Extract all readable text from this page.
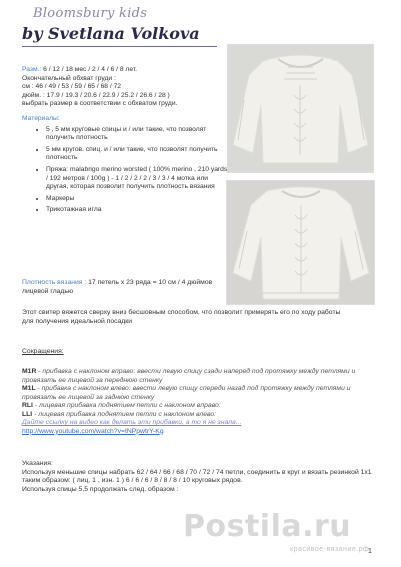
Bloomsbury kids
by Svetlana Volkova

Разм.: 6 / 12 / 18 мес / 2 / 4 / 6 / 8 лет.
Окончательный обхват груди :
см : 46 / 49 / 53 / 59 / 65 / 68 / 72
дюйм. : 17.9 / 19.3 / 20.6 / 22.9 / 25.2 / 26.6 / 28 )
выбрать размер в соответствии с обхватом груди.

Материалы:

• 5 , 5 мм круговые спицы и / или такие, что позволят получить плотность
• 5 мм кругов. спиц. и / или такие, что позволят получить плотность
• Пряжа: malabrigo merino worsted ( 100% merino , 210 yards / 192 метров / 100g ) - 1 / 2 / 2 / 2 / 3 / 3 / 4 мотка или другая, которая позволит получить плотность вязания
• Маркеры
• Трикотажная игла
Плотность вязания : 17 петель х 23 ряда = 10 см / 4 дюймов лицевой гладью
Этот свитер вяжется сверху вниз бесшовным способом, что позволит примерять его по ходу работы для получения идеальной посадки
Сокращения:
M1R - прибавка с наклоном вправо: ввести левую спицу сзади наперед под протяжку между петлями и провязать ее лицевой за переднюю стенку
M1L - прибавка с наклоном влево: ввести левую спицу спереди назад под протяжку между петлями и провязать ее лицевой за заднюю стенку
RLI - лицевая прибавка поднятием петли с наклоном вправо:
LLI - лицевая прибавка поднятием петли с наклоном влево:
Дайте ссылку на видео как делать эти прибавки, а то я не знала...
http://www.youtube.com/watch?v=tNPpwtrY-Kg
Указания:
Используя меньшие спицы набрать 62 / 64 / 66 / 68 / 70 / 72 / 74 петли, соединить в круг и вязать резинкой 1х1 таким образом: ( лиц. 1 , изн. 1 ) 6 / 6 / 6 / 8 / 8 / 8 / 10 круговых рядов.
Используя спицы 5,5 продолжать след. образом :
Postila.ru
красивое-вязание.рф
1
